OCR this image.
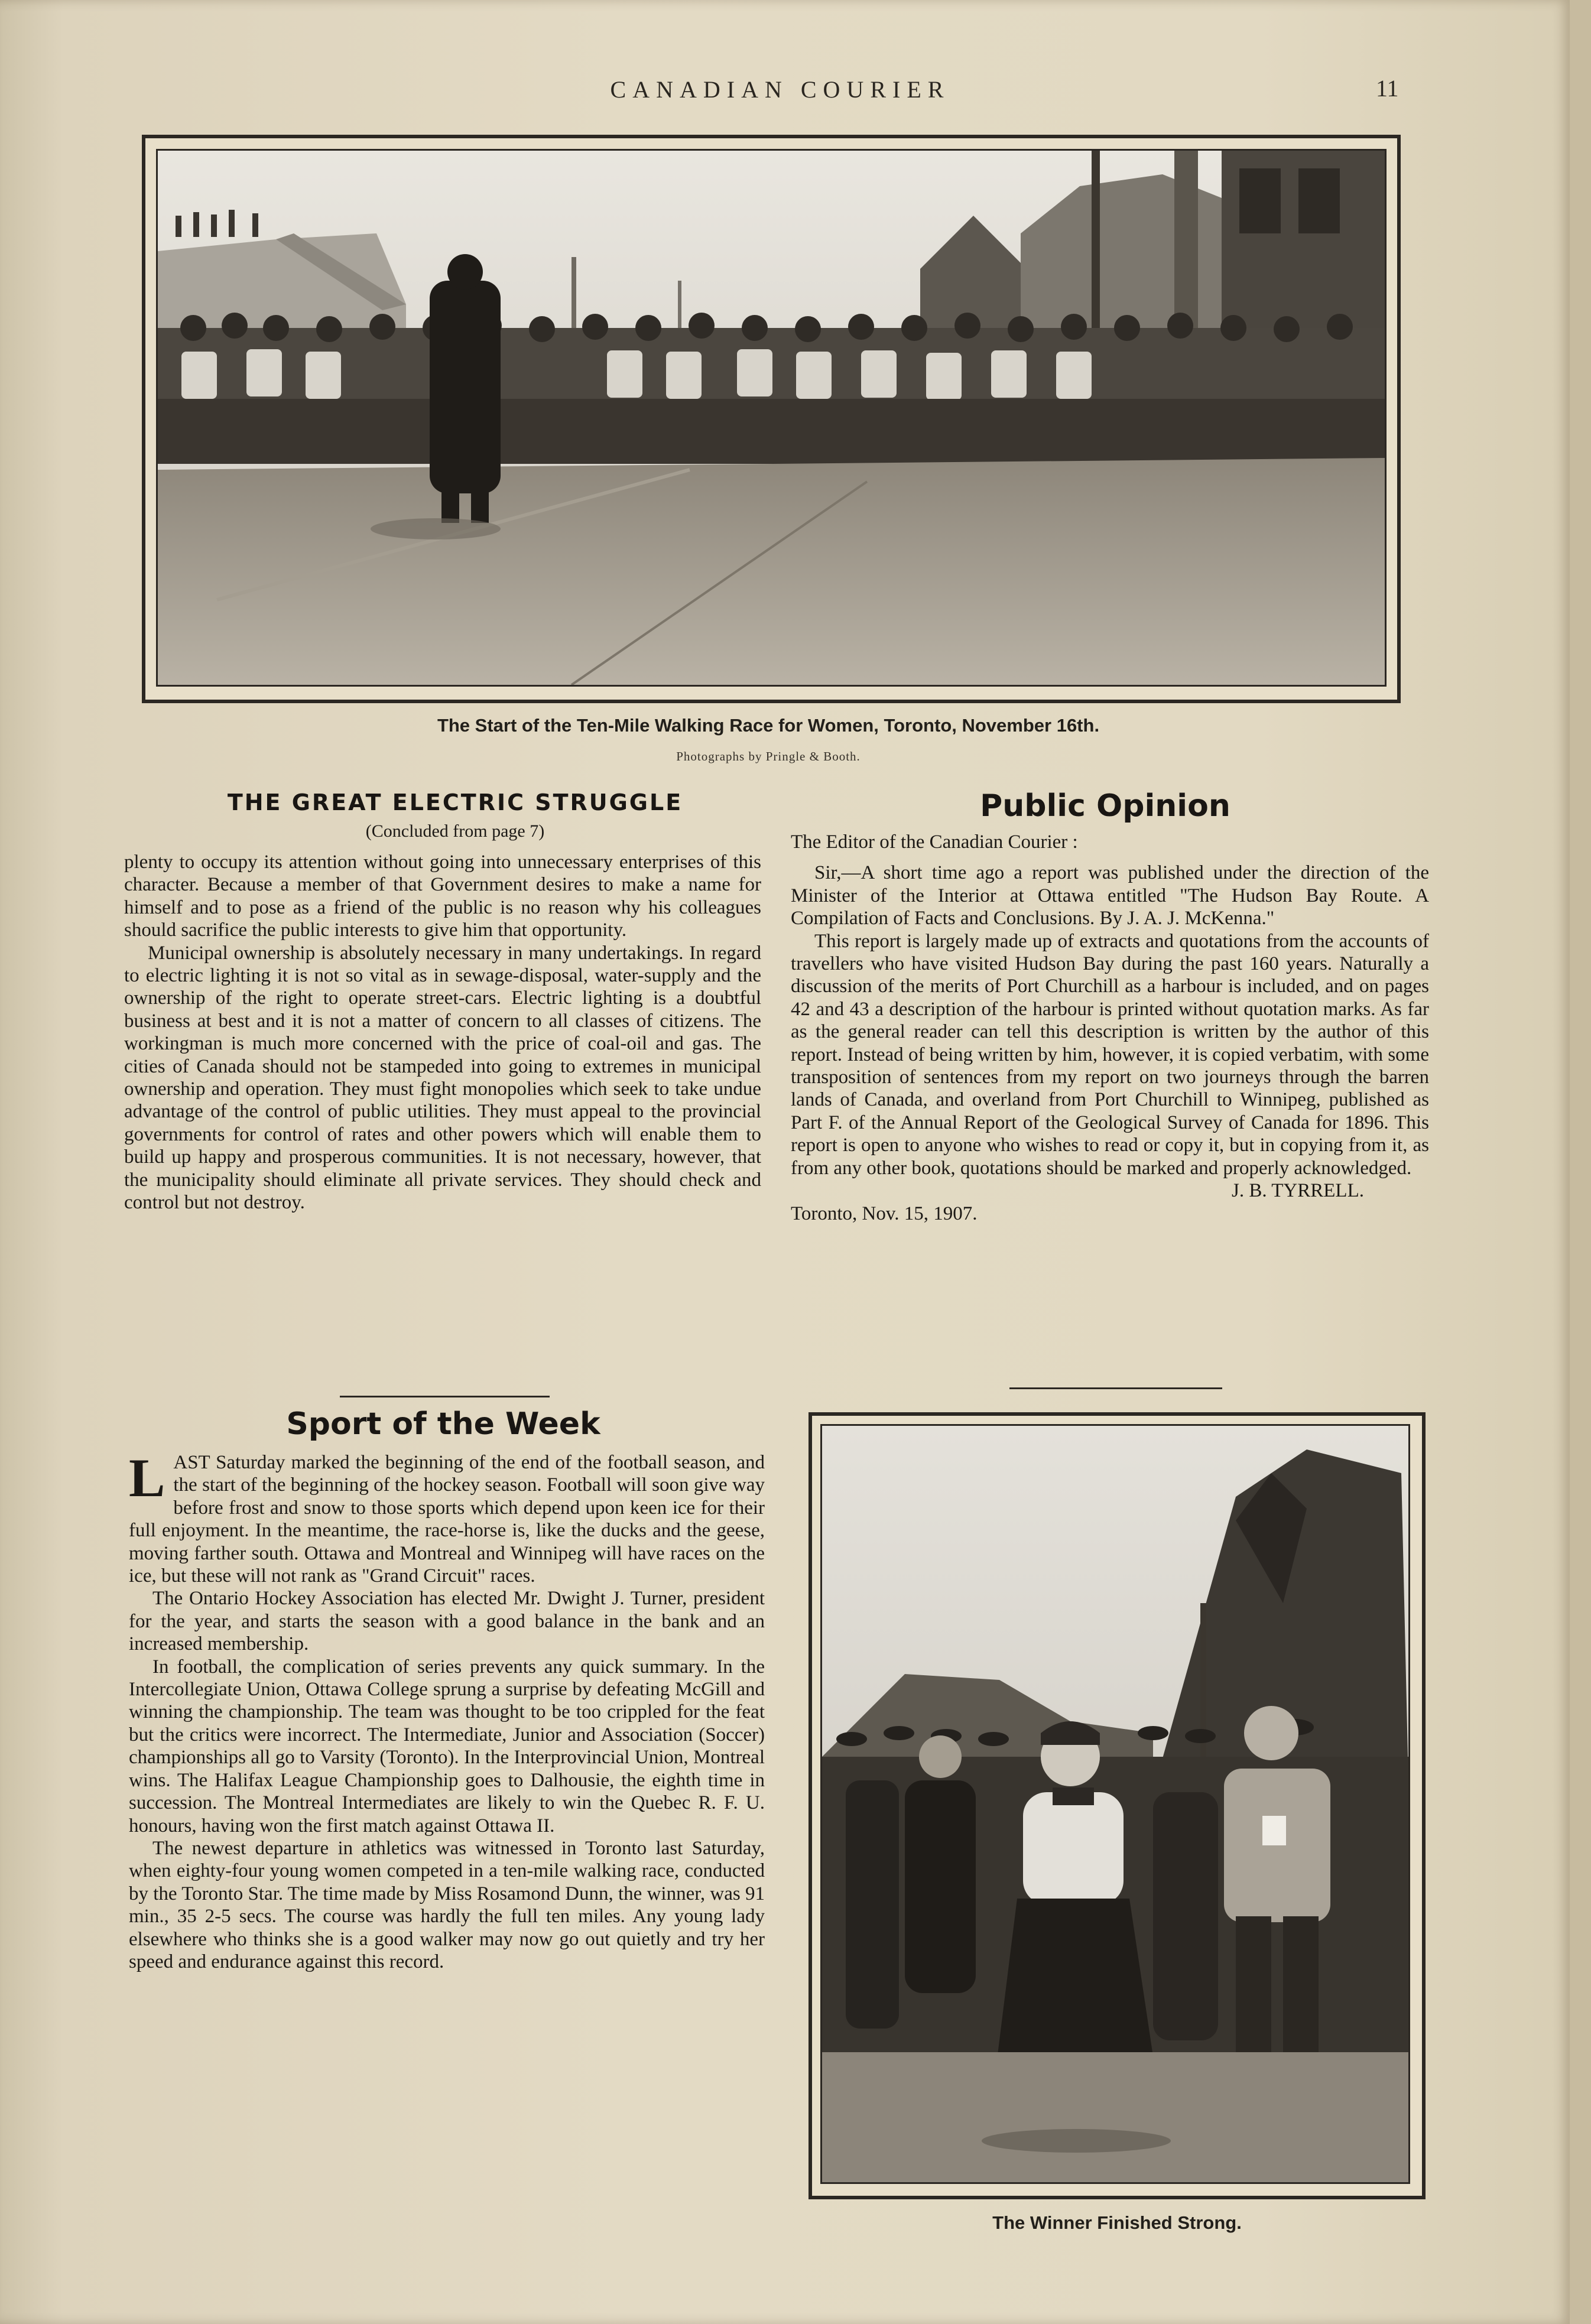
CANADIAN COURIER	11
The Start of the Ten-Mile Walking Race for Women, Toronto, November 16th.
Photographs by Pringle & Booth.
THE GREAT ELECTRIC STRUGGLE
(Concluded from page 7)

plenty to occupy its attention without going into unnecessary enterprises of this character. Because a member of that Government desires to make a name for himself and to pose as a friend of the public is no reason why his colleagues should sacrifice the public interests to give him that opportunity.

Municipal ownership is absolutely necessary in many undertakings. In regard to electric lighting it is not so vital as in sewage-disposal, water-supply and the ownership of the right to operate street-cars. Electric lighting is a doubtful business at best and it is not a matter of concern to all classes of citizens. The workingman is much more concerned with the price of coal-oil and gas. The cities of Canada should not be stampeded into going to extremes in municipal ownership and operation. They must fight monopolies which seek to take undue advantage of the control of public utilities. They must appeal to the provincial governments for control of rates and other powers which will enable them to build up happy and prosperous communities. It is not necessary, however, that the municipality should eliminate all private services. They should check and control but not destroy.

Sport of the Week

LAST Saturday marked the beginning of the end of the football season, and the start of the beginning of the hockey season. Football will soon give way before frost and snow to those sports which depend upon keen ice for their full enjoyment. In the meantime, the race-horse is, like the ducks and the geese, moving farther south. Ottawa and Montreal and Winnipeg will have races on the ice, but these will not rank as "Grand Circuit" races.

The Ontario Hockey Association has elected Mr. Dwight J. Turner, president for the year, and starts the season with a good balance in the bank and an increased membership.

In football, the complication of series prevents any quick summary. In the Intercollegiate Union, Ottawa College sprung a surprise by defeating McGill and winning the championship. The team was thought to be too crippled for the feat but the critics were incorrect. The Intermediate, Junior and Association (Soccer) championships all go to Varsity (Toronto). In the Interprovincial Union, Montreal wins. The Halifax League Championship goes to Dalhousie, the eighth time in succession. The Montreal Intermediates are likely to win the Quebec R. F. U. honours, having won the first match against Ottawa II.

The newest departure in athletics was witnessed in Toronto last Saturday, when eighty-four young women competed in a ten-mile walking race, conducted by the Toronto Star. The time made by Miss Rosamond Dunn, the winner, was 91 min., 35 2-5 secs. The course was hardly the full ten miles. Any young lady elsewhere who thinks she is a good walker may now go out quietly and try her speed and endurance against this record.

Public Opinion

The Editor of the Canadian Courier :

Sir,—A short time ago a report was published under the direction of the Minister of the Interior at Ottawa entitled "The Hudson Bay Route. A Compilation of Facts and Conclusions. By J. A. J. McKenna."

This report is largely made up of extracts and quotations from the accounts of travellers who have visited Hudson Bay during the past 160 years. Naturally a discussion of the merits of Port Churchill as a harbour is included, and on pages 42 and 43 a description of the harbour is printed without quotation marks. As far as the general reader can tell this description is written by the author of this report. Instead of being written by him, however, it is copied verbatim, with some transposition of sentences from my report on two journeys through the barren lands of Canada, and overland from Port Churchill to Winnipeg, published as Part F. of the Annual Report of the Geological Survey of Canada for 1896. This report is open to anyone who wishes to read or copy it, but in copying from it, as from any other book, quotations should be marked and properly acknowledged.

J. B. TYRRELL.

Toronto, Nov. 15, 1907.

The Winner Finished Strong.
